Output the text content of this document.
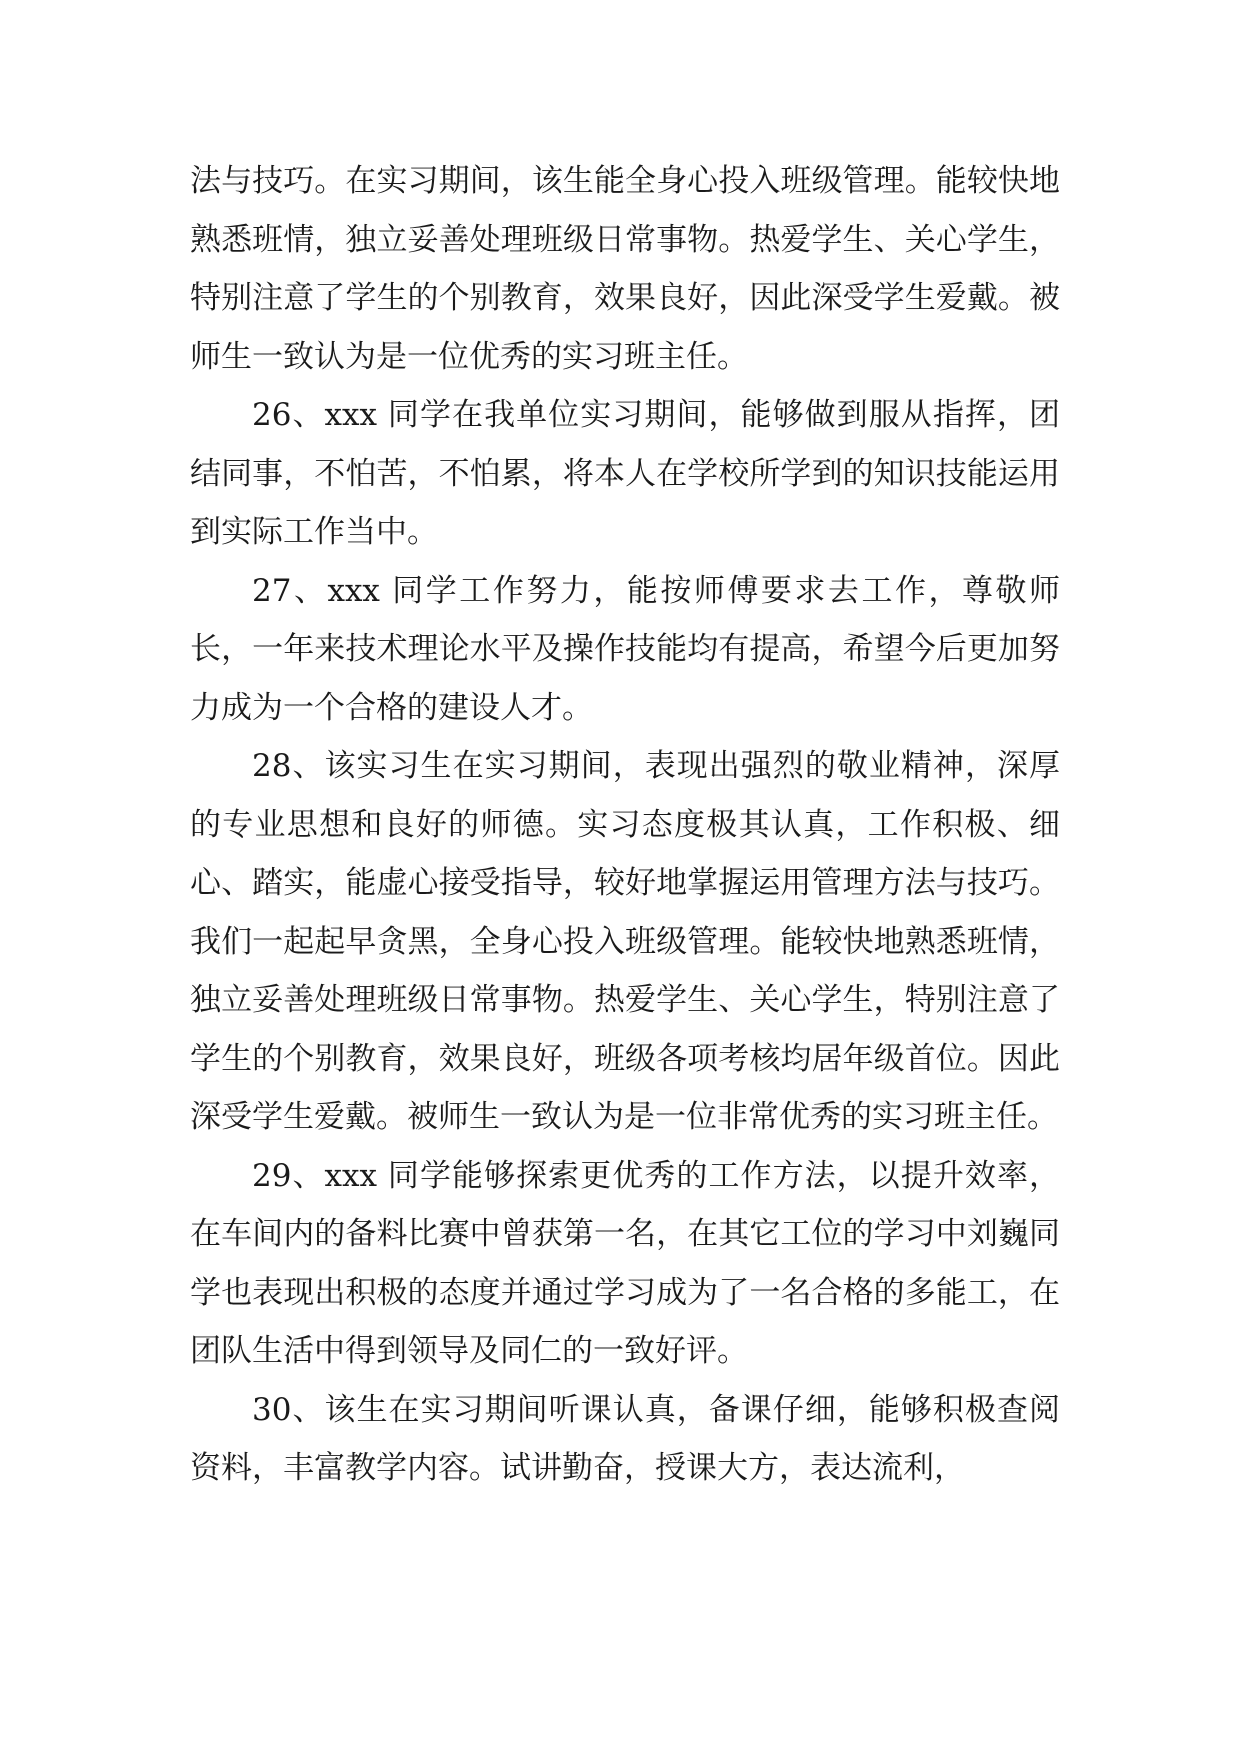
法与技巧。在实习期间，该生能全身心投入班级管理。能较快地熟悉班情，独立妥善处理班级日常事物。热爱学生、关心学生，特别注意了学生的个别教育，效果良好，因此深受学生爱戴。被师生一致认为是一位优秀的实习班主任。

26、xxx 同学在我单位实习期间，能够做到服从指挥，团结同事，不怕苦，不怕累，将本人在学校所学到的知识技能运用到实际工作当中。

27、xxx 同学工作努力，能按师傅要求去工作，尊敬师长，一年来技术理论水平及操作技能均有提高，希望今后更加努力成为一个合格的建设人才。

28、该实习生在实习期间，表现出强烈的敬业精神，深厚的专业思想和良好的师德。实习态度极其认真，工作积极、细心、踏实，能虚心接受指导，较好地掌握运用管理方法与技巧。我们一起起早贪黑，全身心投入班级管理。能较快地熟悉班情，独立妥善处理班级日常事物。热爱学生、关心学生，特别注意了学生的个别教育，效果良好，班级各项考核均居年级首位。因此深受学生爱戴。被师生一致认为是一位非常优秀的实习班主任。

29、xxx 同学能够探索更优秀的工作方法，以提升效率，在车间内的备料比赛中曾获第一名，在其它工位的学习中刘巍同学也表现出积极的态度并通过学习成为了一名合格的多能工，在团队生活中得到领导及同仁的一致好评。

30、该生在实习期间听课认真，备课仔细，能够积极查阅资料，丰富教学内容。试讲勤奋，授课大方，表达流利，
